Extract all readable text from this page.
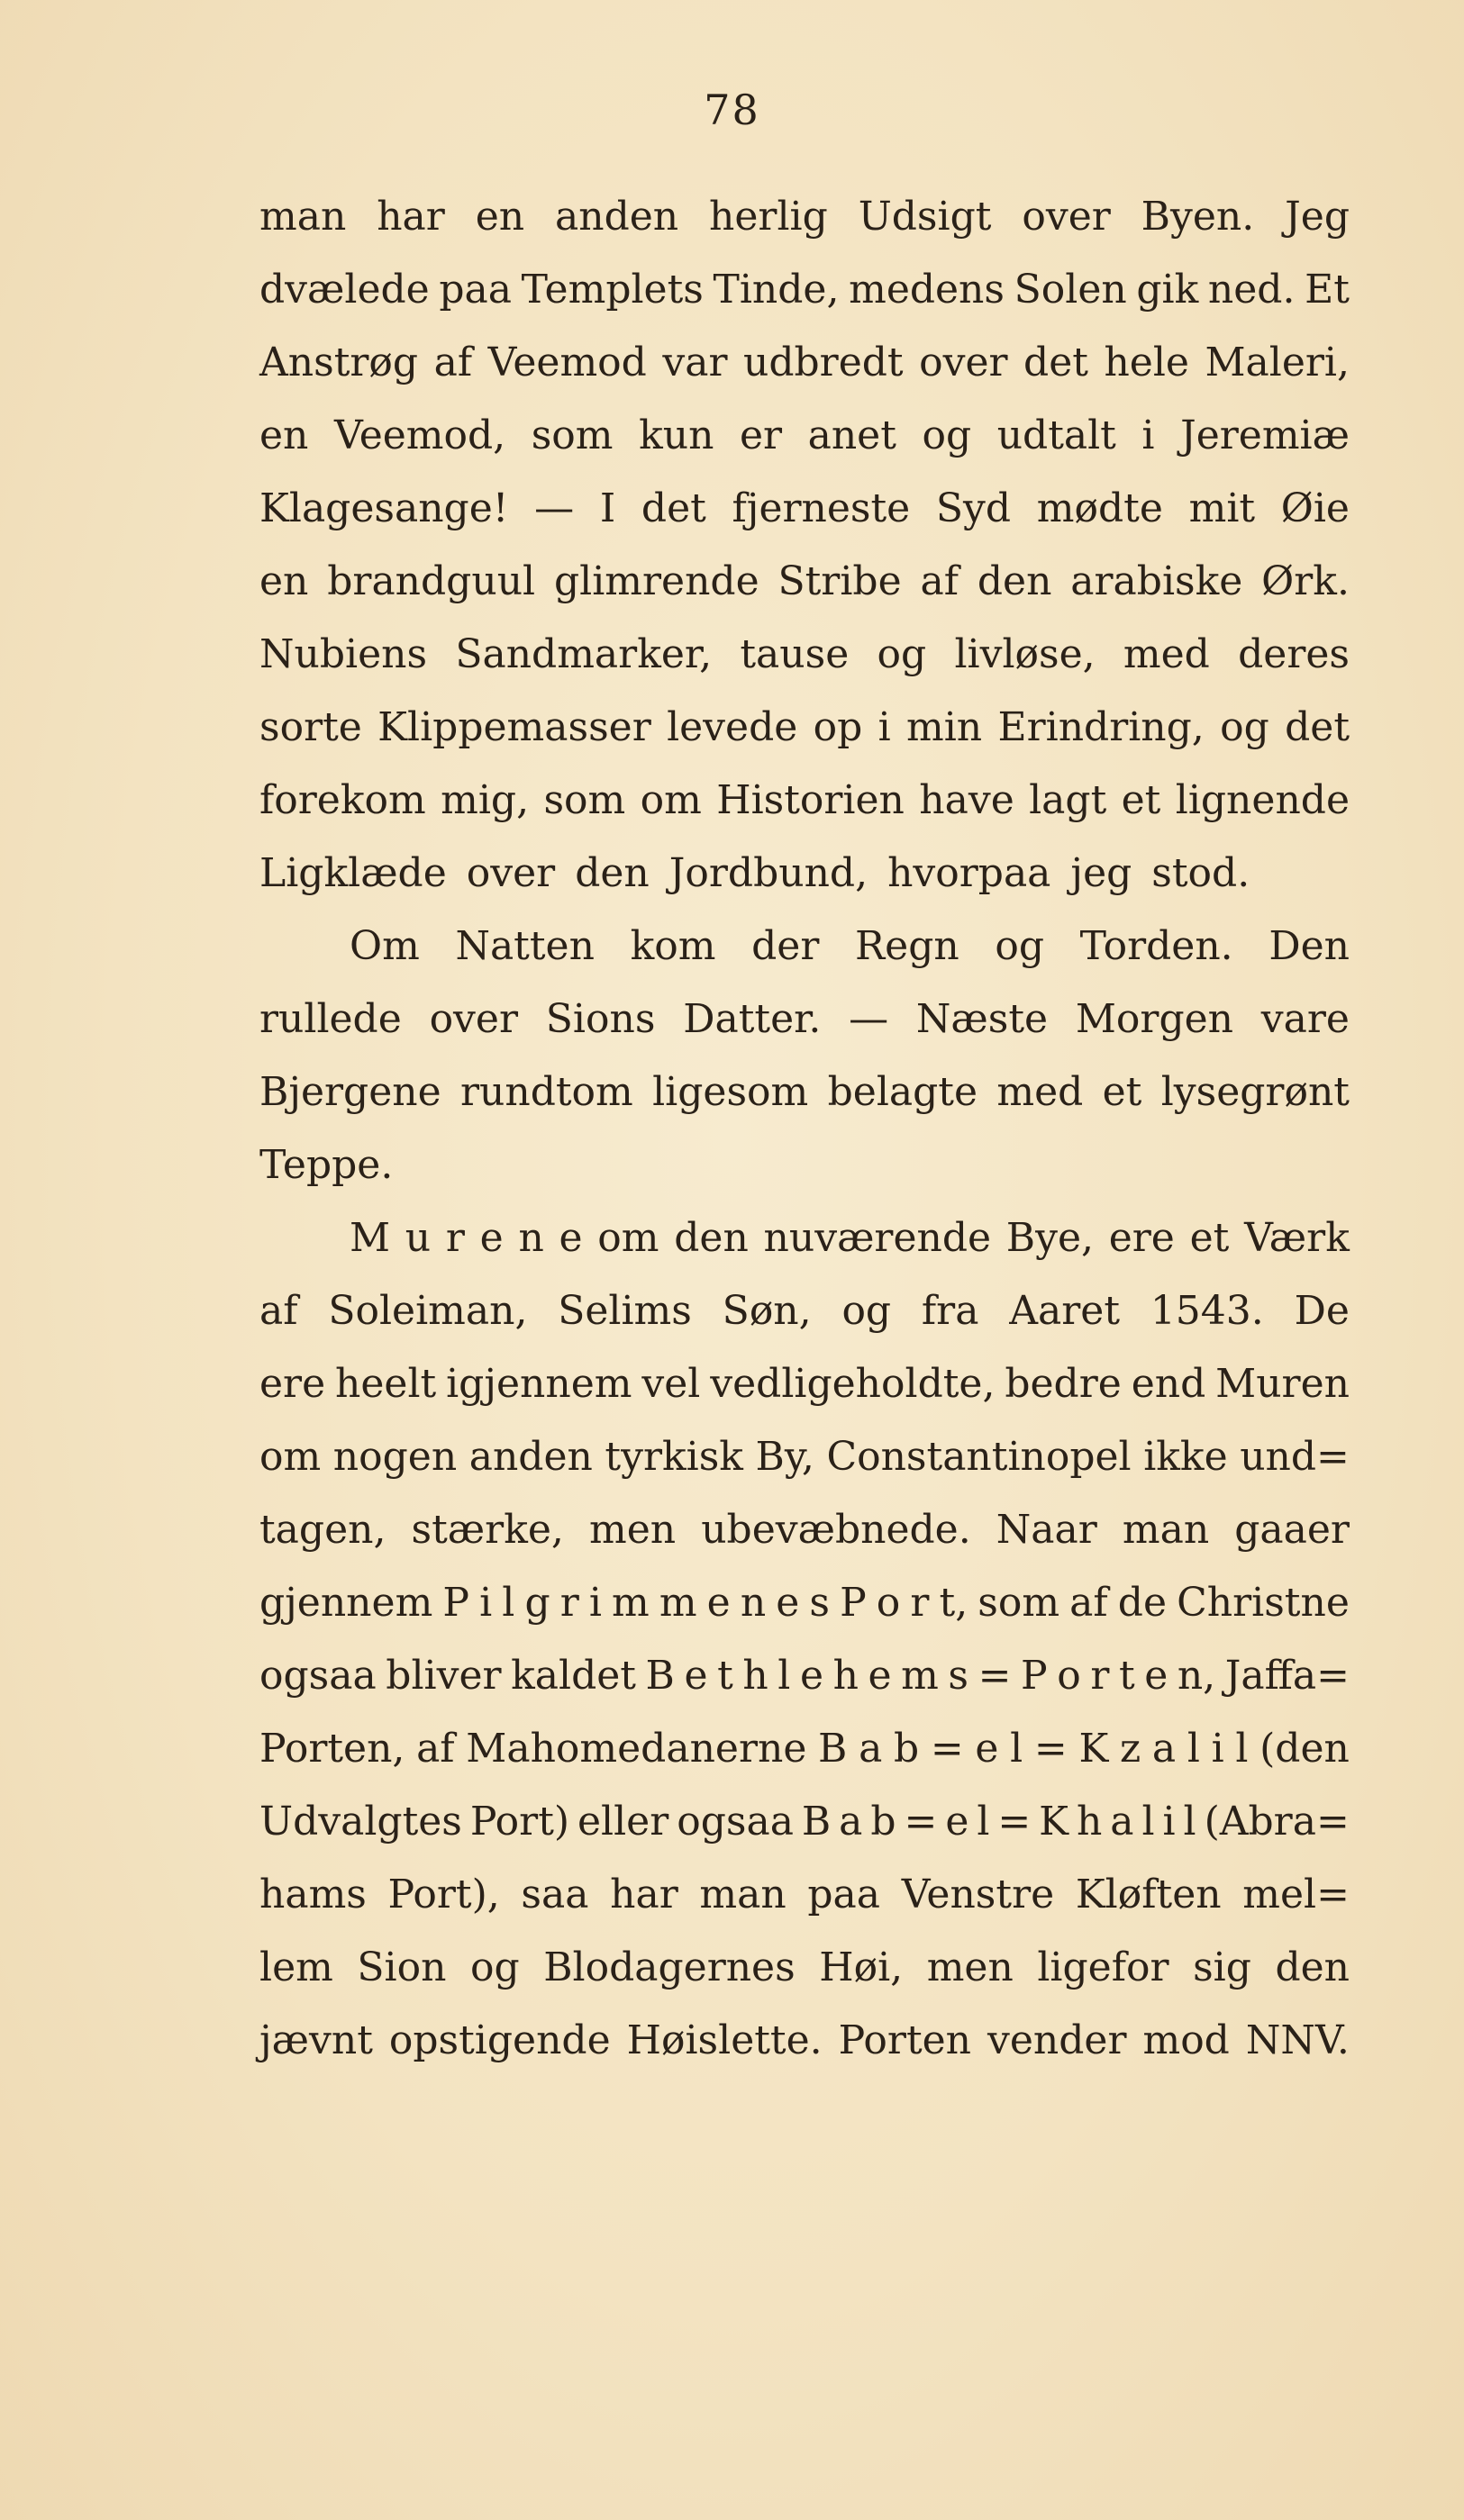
78
man har en anden herlig Udsigt over Byen. Jeg
dvælede paa Templets Tinde, medens Solen gik ned. Et
Anstrøg af Veemod var udbredt over det hele Maleri,
en Veemod, som kun er anet og udtalt i Jeremiæ
Klagesange! — I det fjerneste Syd mødte mit Øie
en brandguul glimrende Stribe af den arabiske Ørk.
Nubiens Sandmarker, tause og livløse, med deres
sorte Klippemasser levede op i min Erindring, og det
forekom mig, som om Historien have lagt et lignende
Ligklæde over den Jordbund, hvorpaa jeg stod.
Om Natten kom der Regn og Torden. Den
rullede over Sions Datter. — Næste Morgen vare
Bjergene rundtom ligesom belagte med et lysegrønt
Teppe.
M u r e n e om den nuværende Bye, ere et Værk
af Soleiman, Selims Søn, og fra Aaret 1543. De
ere heelt igjennem vel vedligeholdte, bedre end Muren
om nogen anden tyrkisk By, Constantinopel ikke und=
tagen, stærke, men ubevæbnede. Naar man gaaer
gjennem P i l g r i m m e n e s P o r t, som af de Christne
ogsaa bliver kaldet B e t h l e h e m s = P o r t e n, Jaffa=
Porten, af Mahomedanerne B a b = e l = K z a l i l (den
Udvalgtes Port) eller ogsaa B a b = e l = K h a l i l (Abra=
hams Port), saa har man paa Venstre Kløften mel=
lem Sion og Blodagernes Høi, men ligefor sig den
jævnt opstigende Høislette. Porten vender mod NNV.
